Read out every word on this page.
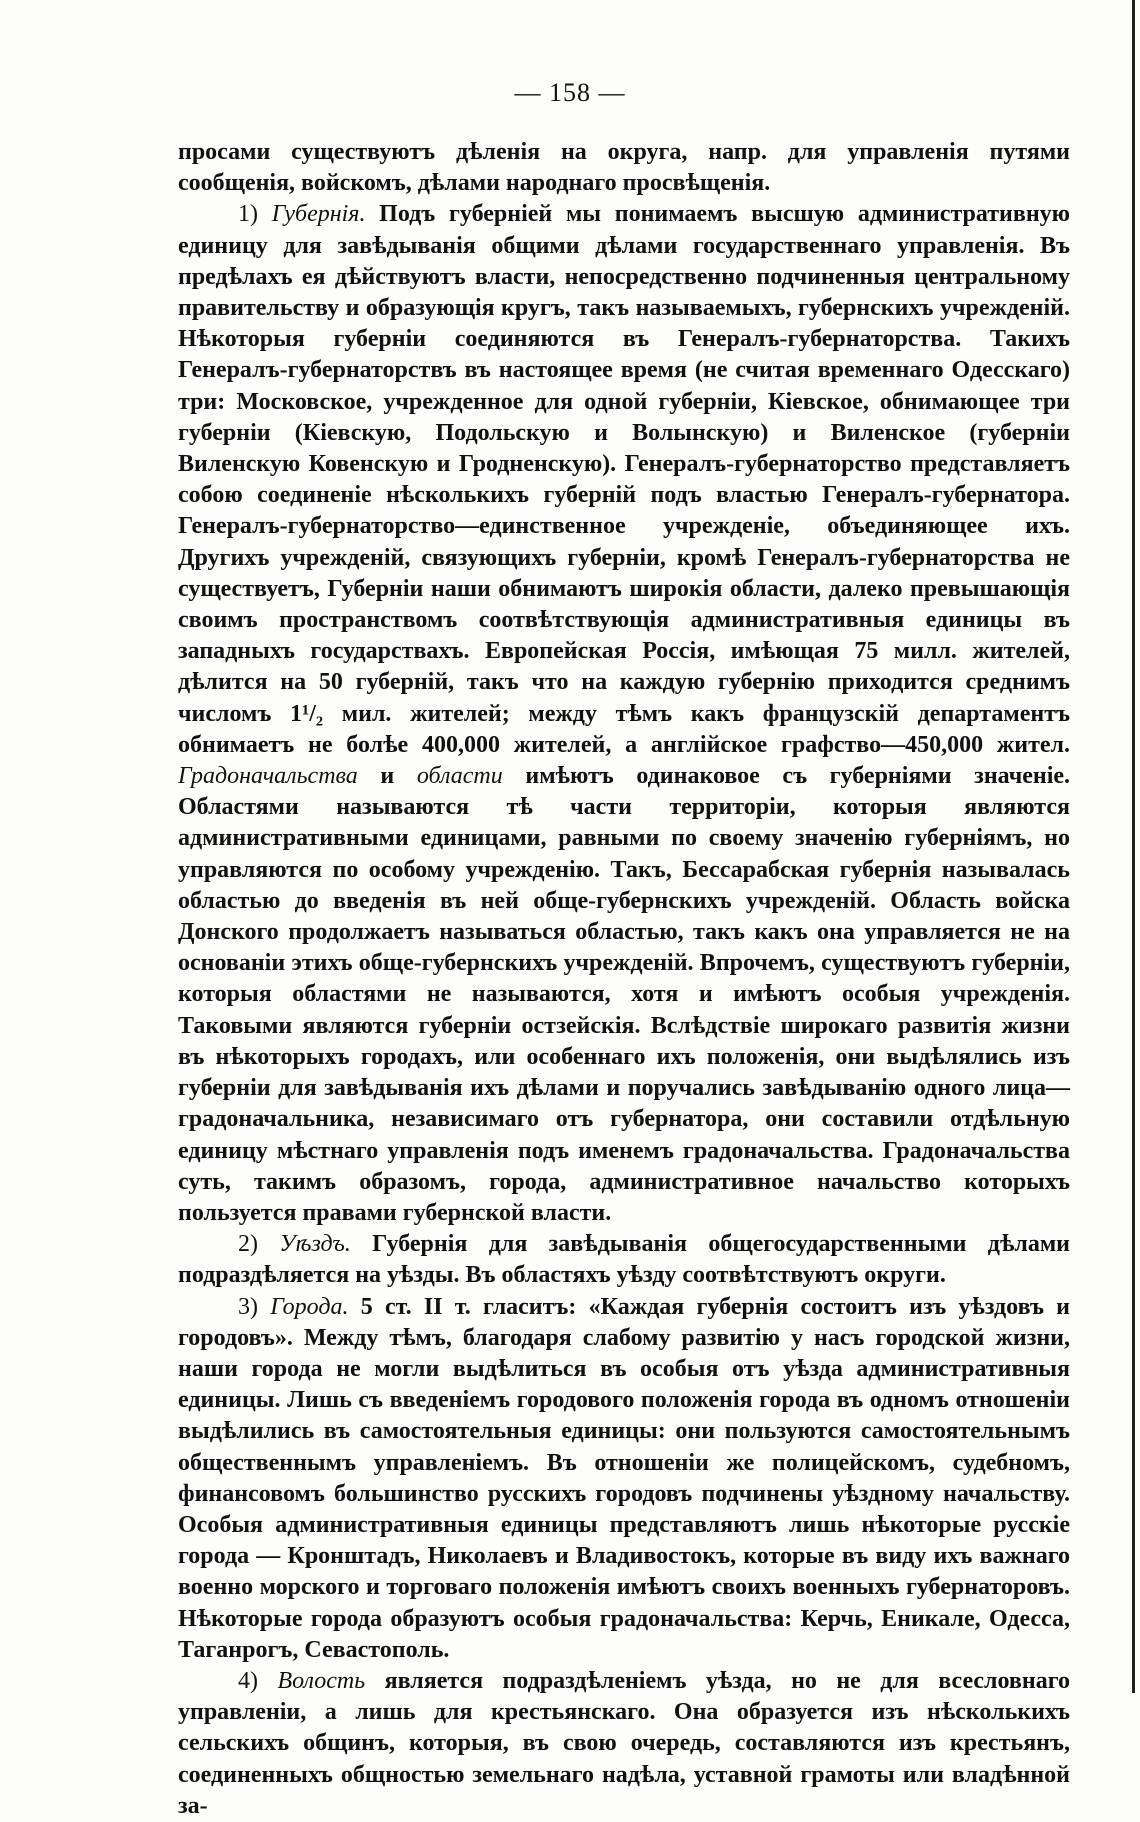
— 158 —

просами существуютъ дѣленія на округа, напр. для управленія путями сообщенія, войскомъ, дѣлами народнаго просвѣщенія.

1) Губернія. Подъ губерніей мы понимаемъ высшую административную единицу для завѣдыванія общими дѣлами государственнаго управленія. Въ предѣлахъ ея дѣйствуютъ власти, непосредственно подчиненныя центральному правительству и образующія кругъ, такъ называемыхъ, губернскихъ учрежденій. Нѣкоторыя губерніи соединяются въ Генералъ-губернаторства. Такихъ Генералъ-губернаторствъ въ настоящее время (не считая временнаго Одесскаго) три: Московское, учрежденное для одной губерніи, Кіевское, обнимающее три губерніи (Кіевскую, Подольскую и Волынскую) и Виленское (губерніи Виленскую Ковенскую и Гродненскую). Генералъ-губернаторство представляетъ собою соединеніе нѣсколькихъ губерній подъ властью Генералъ-губернатора. Генералъ-губернаторство—единственное учрежденіе, объединяющее ихъ. Другихъ учрежденій, связующихъ губерніи, кромѣ Генералъ-губернаторства не существуетъ, Губерніи наши обнимаютъ широкія области, далеко превышающія своимъ пространствомъ соотвѣтствующія административныя единицы въ западныхъ государствахъ. Европейская Россія, имѣющая 75 милл. жителей, дѣлится на 50 губерній, такъ что на каждую губернію приходится среднимъ числомъ 1¹/₂ мил. жителей; между тѣмъ какъ французскій департаментъ обнимаетъ не болѣе 400,000 жителей, а англійское графство—450,000 жител. Градоначальства и области имѣютъ одинаковое съ губерніями значеніе. Областями называются тѣ части территоріи, которыя являются административными единицами, равными по своему значенію губерніямъ, но управляются по особому учрежденію. Такъ, Бессарабская губернія называлась областью до введенія въ ней обще-губернскихъ учрежденій. Область войска Донского продолжаетъ называться областью, такъ какъ она управляется не на основаніи этихъ обще-губернскихъ учрежденій. Впрочемъ, существуютъ губерніи, которыя областями не называются, хотя и имѣютъ особыя учрежденія. Таковыми являются губерніи остзейскія. Вслѣдствіе широкаго развитія жизни въ нѣкоторыхъ городахъ, или особеннаго ихъ положенія, они выдѣлялись изъ губерніи для завѣдыванія ихъ дѣлами и поручались завѣдыванію одного лица—градоначальника, независимаго отъ губернатора, они составили отдѣльную единицу мѣстнаго управленія подъ именемъ градоначальства. Градоначальства суть, такимъ образомъ, города, административное начальство которыхъ пользуется правами губернской власти.

2) Уѣздъ. Губернія для завѣдыванія общегосударственными дѣлами подраздѣляется на уѣзды. Въ областяхъ уѣзду соотвѣтствуютъ округи.

3) Города. 5 ст. II т. гласитъ: «Каждая губернія состоитъ изъ уѣздовъ и городовъ». Между тѣмъ, благодаря слабому развитію у насъ городской жизни, наши города не могли выдѣлиться въ особыя отъ уѣзда административныя единицы. Лишь съ введеніемъ городового положенія города въ одномъ отношеніи выдѣлились въ самостоятельныя единицы: они пользуются самостоятельнымъ общественнымъ управленіемъ. Въ отношеніи же полицейскомъ, судебномъ, финансовомъ большинство русскихъ городовъ подчинены уѣздному начальству. Особыя административныя единицы представляютъ лишь нѣкоторые русскіе города — Кронштадъ, Николаевъ и Владивостокъ, которые въ виду ихъ важнаго военно морского и торговаго положенія имѣютъ своихъ военныхъ губернаторовъ. Нѣкоторые города образуютъ особыя градоначальства: Керчь, Еникале, Одесса, Таганрогъ, Севастополь.

4) Волость является подраздѣленіемъ уѣзда, но не для всесловнаго управленіи, а лишь для крестьянскаго. Она образуется изъ нѣсколькихъ сельскихъ общинъ, которыя, въ свою очередь, составляются изъ крестьянъ, соединенныхъ общностью земельнаго надѣла, уставной грамоты или владѣнной за-
